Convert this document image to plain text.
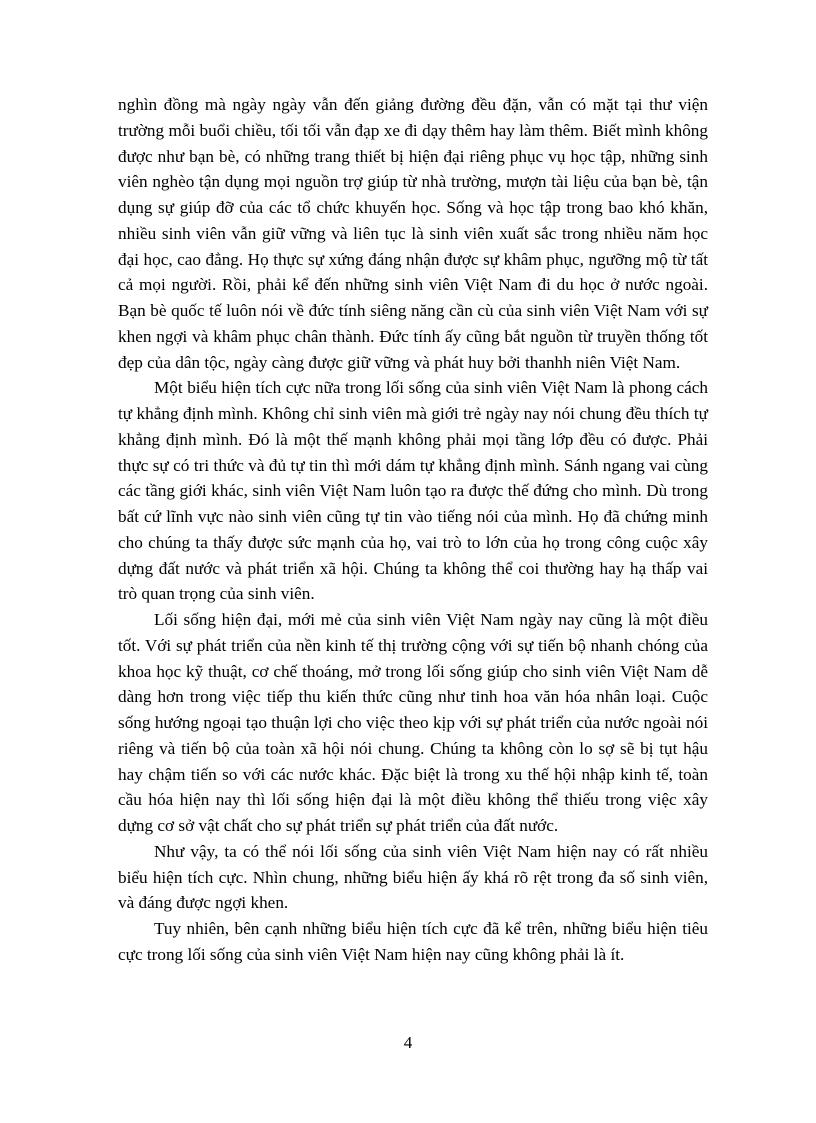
nghìn đồng mà ngày ngày vẫn đến giảng đường đều đặn, vẫn có mặt tại thư viện trường mỗi buổi chiều, tối tối vẫn đạp xe đi dạy thêm hay làm thêm. Biết mình không được như bạn bè, có những trang thiết bị hiện đại riêng phục vụ học tập, những sinh viên nghèo tận dụng mọi nguồn trợ giúp từ nhà trường, mượn tài liệu của bạn bè, tận dụng sự giúp đỡ của các tổ chức khuyến học. Sống và học tập trong bao khó khăn, nhiều sinh viên vẫn giữ vững và liên tục là sinh viên xuất sắc trong nhiều năm học đại học, cao đẳng. Họ thực sự xứng đáng nhận được sự khâm phục, ngưỡng mộ từ tất cả mọi người. Rồi, phải kể đến những sinh viên Việt Nam đi du học ở nước ngoài. Bạn bè quốc tế luôn nói về đức tính siêng năng cần cù của sinh viên Việt Nam với sự khen ngợi và khâm phục chân thành. Đức tính ấy cũng bắt nguồn từ truyền thống tốt đẹp của dân tộc, ngày càng được giữ vững và phát huy bởi thanhh niên Việt Nam.

Một biểu hiện tích cực nữa trong lối sống của sinh viên Việt Nam là phong cách tự khẳng định mình. Không chỉ sinh viên mà giới trẻ ngày nay nói chung đều thích tự khẳng định mình. Đó là một thế mạnh không phải mọi tầng lớp đều có được. Phải thực sự có tri thức và đủ tự tin thì mới dám tự khẳng định mình. Sánh ngang vai cùng các tầng giới khác, sinh viên Việt Nam luôn tạo ra được thế đứng cho mình. Dù trong bất cứ lĩnh vực nào sinh viên cũng tự tin vào tiếng nói của mình. Họ đã chứng minh cho chúng ta thấy được sức mạnh của họ, vai trò to lớn của họ trong công cuộc xây dựng đất nước và phát triển xã hội. Chúng ta không thể coi thường hay hạ thấp vai trò quan trọng của sinh viên.

Lối sống hiện đại, mới mẻ của sinh viên Việt Nam ngày nay cũng là một điều tốt. Với sự phát triển của nền kinh tế thị trường cộng với sự tiến bộ nhanh chóng của khoa học kỹ thuật, cơ chế thoáng, mở trong lối sống giúp cho sinh viên Việt Nam dễ dàng hơn trong việc tiếp thu kiến thức cũng như tinh hoa văn hóa nhân loại. Cuộc sống hướng ngoại tạo thuận lợi cho việc theo kịp với sự phát triển của nước ngoài nói riêng và tiến bộ của toàn xã hội nói chung. Chúng ta không còn lo sợ sẽ bị tụt hậu hay chậm tiến so với các nước khác. Đặc biệt là trong xu thế hội nhập kinh tế, toàn cầu hóa hiện nay thì lối sống hiện đại là một điều không thể thiếu trong việc xây dựng cơ sở vật chất cho sự phát triển sự phát triển của đất nước.

Như vậy, ta có thể nói lối sống của sinh viên Việt Nam hiện nay có rất nhiều biểu hiện tích cực. Nhìn chung, những biểu hiện ấy khá rõ rệt trong đa số sinh viên, và đáng được ngợi khen.

Tuy nhiên, bên cạnh những biểu hiện tích cực đã kể trên, những biểu hiện tiêu cực trong lối sống của sinh viên Việt Nam hiện nay cũng không phải là ít.

4
